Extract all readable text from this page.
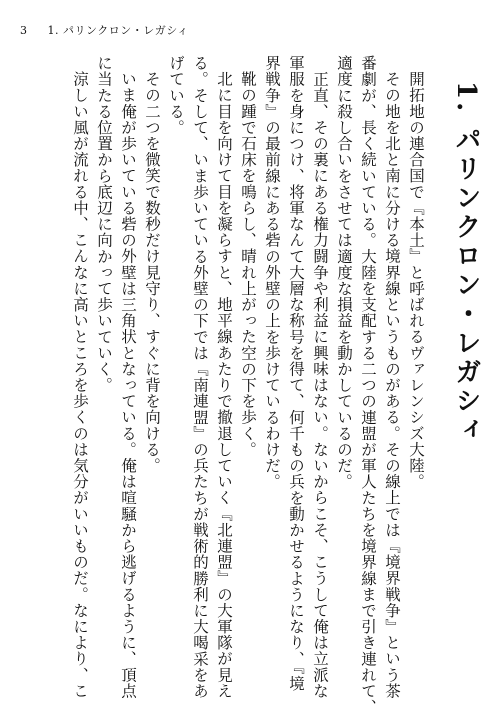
3 1. パリンクロン・レガシィ
1. パリンクロン・レガシィ

開拓地の連合国で『本土』と呼ばれるヴァレンシズ大陸。

その地を北と南に分ける境界線というものがある。その線上では『境界戦争』という茶

番劇が、長く続いている。大陸を支配する二つの連盟が軍人たちを境界線まで引き連れて、

適度に殺し合いをさせては適度な損益を動かしているのだ。

正直、その裏にある権力闘争や利益に興味はない。ないからこそ、こうして俺は立派な

軍服を身につけ、将軍なんて大層な称号を得て、何千もの兵を動かせるようになり、『境

界戦争』の最前線にある砦の外壁の上を歩けているわけだ。

靴の踵で石床を鳴らし、晴れ上がった空の下を歩く。

北に目を向けて目を凝らすと、地平線あたりで撤退していく『北連盟』の大軍隊が見え

る。そして、いま歩いている外壁の下では『南連盟』の兵たちが戦術的勝利に大喝采をあ

げている。

その二つを微笑で数秒だけ見守り、すぐに背を向ける。

いま俺が歩いている砦の外壁は三角状となっている。俺は喧騒から逃げるように、頂点

に当たる位置から底辺に向かって歩いていく。

涼しい風が流れる中、こんなに高いところを歩くのは気分がいいものだ。なにより、こ
